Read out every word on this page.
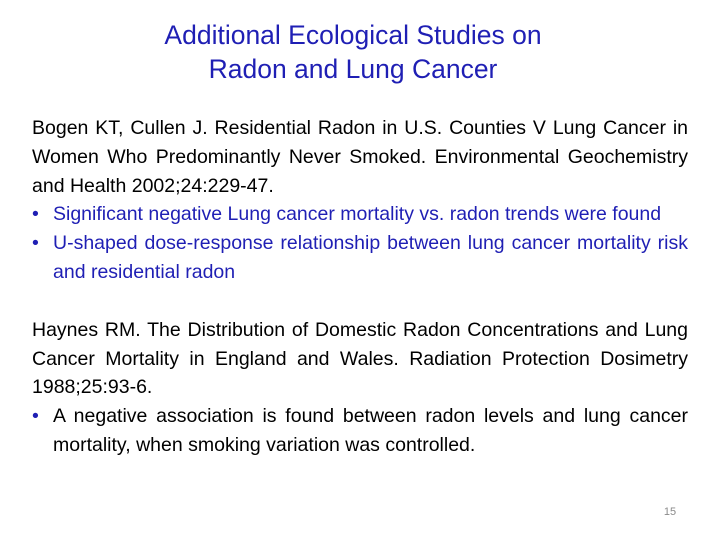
Additional Ecological Studies on
Radon and Lung Cancer

Bogen KT, Cullen J. Residential Radon in U.S. Counties V Lung Cancer in Women Who Predominantly Never Smoked. Environmental Geochemistry and Health 2002;24:229-47.

• Significant negative Lung cancer mortality vs. radon trends were found
• U-shaped dose-response relationship between lung cancer mortality risk and residential radon

Haynes RM. The Distribution of Domestic Radon Concentrations and Lung Cancer Mortality in England and Wales. Radiation Protection Dosimetry 1988;25:93-6.

• A negative association is found between radon levels and lung cancer mortality, when smoking variation was controlled.
15
